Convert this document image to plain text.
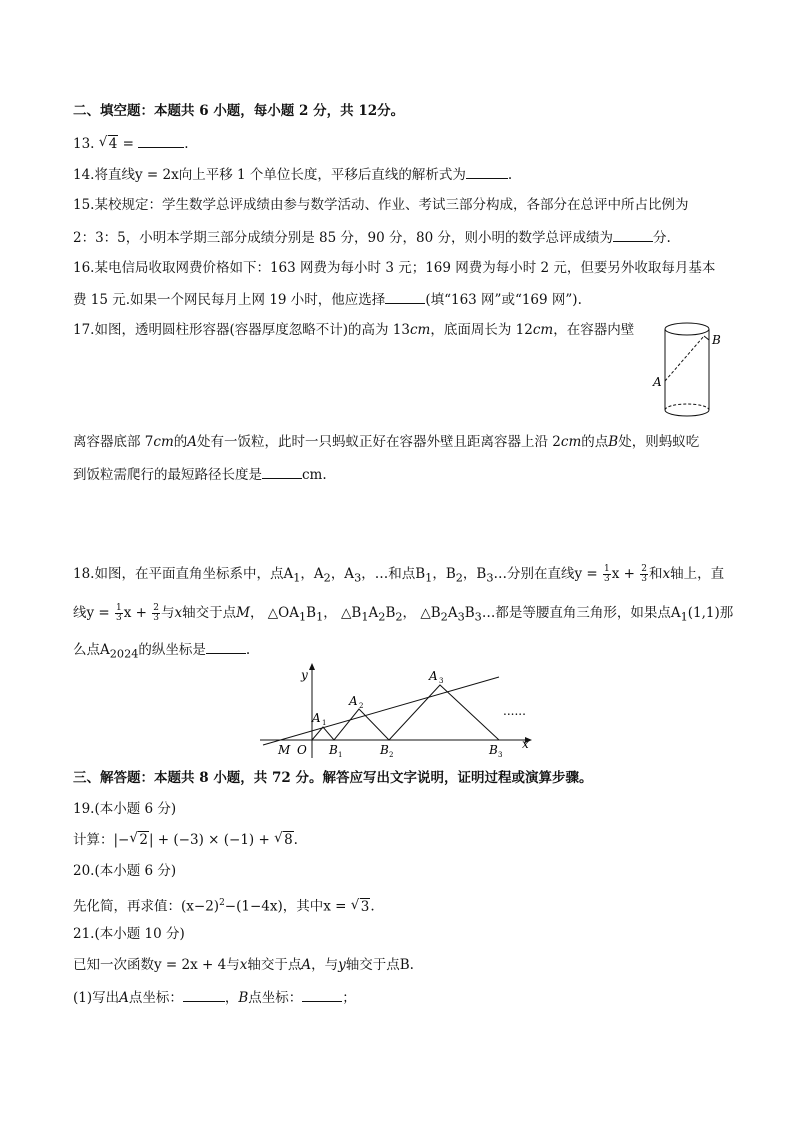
二、填空题：本题共 6 小题，每小题 2 分，共 12分。
13. √ 4 =	.
14.将直线y = 2x向上平移 1 个单位长度，平移后直线的解析式为	.
15.某校规定：学生数学总评成绩由参与数学活动、作业、考试三部分构成，各部分在总评中所占比例为
2：3：5，小明本学期三部分成绩分别是 85 分，90 分，80 分，则小明的数学总评成绩为	分.
16.某电信局收取网费价格如下：163 网费为每小时 3 元；169 网费为每小时 2 元，但要另外收取每月基本
费 15 元.如果一个网民每月上网 19 小时，他应选择	(填“163 网”或“169 网”).
17.如图，透明圆柱形容器(容器厚度忽略不计)的高为 13cm，底面周长为 12cm，在容器内壁
A
B
离容器底部 7cm的A处有一饭粒，此时一只蚂蚁正好在容器外壁且距离容器上沿 2cm的点B处，则蚂蚁吃
到饭粒需爬行的最短路径长度是	cm.
18.如图，在平面直角坐标系中，点$A_1$，$A_2$，$A_3$，…和点$B_1$，$B_2$，$B_3\dots$分别在直线$y = \frac{1}{3}$ $x + \frac{2}{3}$ 和x轴上，直
线$y = \frac{1}{3}$ $x + \frac{2}{3}$ 与x轴交于点M， $\triangle OA_1B_1$， $\triangle B_1A_2B_2$， $\triangle B_2A_3B_3\dots$都是等腰直角三角形，如果点$A_1(1,1)$那
么点$A_{2024}$的纵坐标是	.
y
x
M O
A 1
A 2
A 3
B 1	B 2	B 3
......
三、解答题：本题共 8 小题，共 72 分。解答应写出文字说明，证明过程或演算步骤。
19.(本小题 6 分)
计算：|− √ 2| + (−3) × (−1) + √ 8.
20.(本小题 6 分)
先化简，再求值：$(x-2)^2-(1-4x)$，其中x = √ 3.
21.(本小题 10 分)
已知一次函数y = 2x + 4与x轴交于点A，与y轴交于点B.
(1)写出A点坐标：	，B点坐标：	；
